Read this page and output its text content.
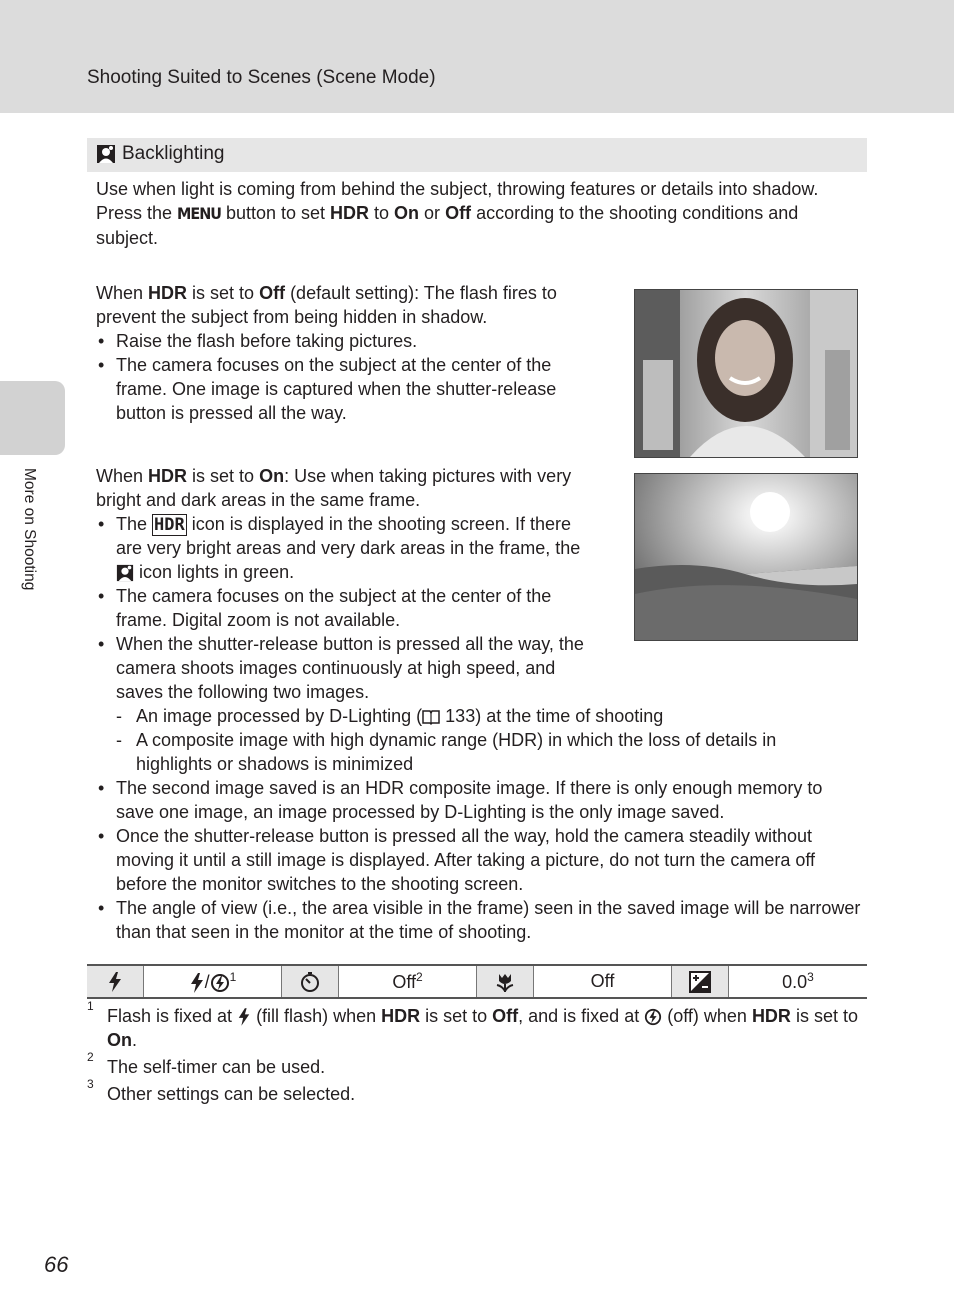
Shooting Suited to Scenes (Scene Mode)
More on Shooting
Backlighting
Use when light is coming from behind the subject, throwing features or details into shadow.
Press the MENU button to set HDR to On or Off according to the shooting conditions and subject.
When HDR is set to Off (default setting): The flash fires to prevent the subject from being hidden in shadow.
• Raise the flash before taking pictures.
• The camera focuses on the subject at the center of the frame. One image is captured when the shutter-release button is pressed all the way.
When HDR is set to On: Use when taking pictures with very bright and dark areas in the same frame.
• The HDR icon is displayed in the shooting screen. If there are very bright areas and very dark areas in the frame, the  icon lights in green.
• The camera focuses on the subject at the center of the frame. Digital zoom is not available.
• When the shutter-release button is pressed all the way, the camera shoots images continuously at high speed, and saves the following two images.
- An image processed by D-Lighting ( 133) at the time of shooting
- A composite image with high dynamic range (HDR) in which the loss of details in highlights or shadows is minimized
• The second image saved is an HDR composite image. If there is only enough memory to save one image, an image processed by D-Lighting is the only image saved.
• Once the shutter-release button is pressed all the way, hold the camera steadily without moving it until a still image is displayed. After taking a picture, do not turn the camera off before the monitor switches to the shooting screen.
• The angle of view (i.e., the area visible in the frame) seen in the saved image will be narrower than that seen in the monitor at the time of shooting.
	/ $^1$		Off$^2$		Off		$0.0^3$
1 Flash is fixed at  (fill flash) when HDR is set to Off, and is fixed at  (off) when HDR is set to On.
2 The self-timer can be used.
3 Other settings can be selected.
66
